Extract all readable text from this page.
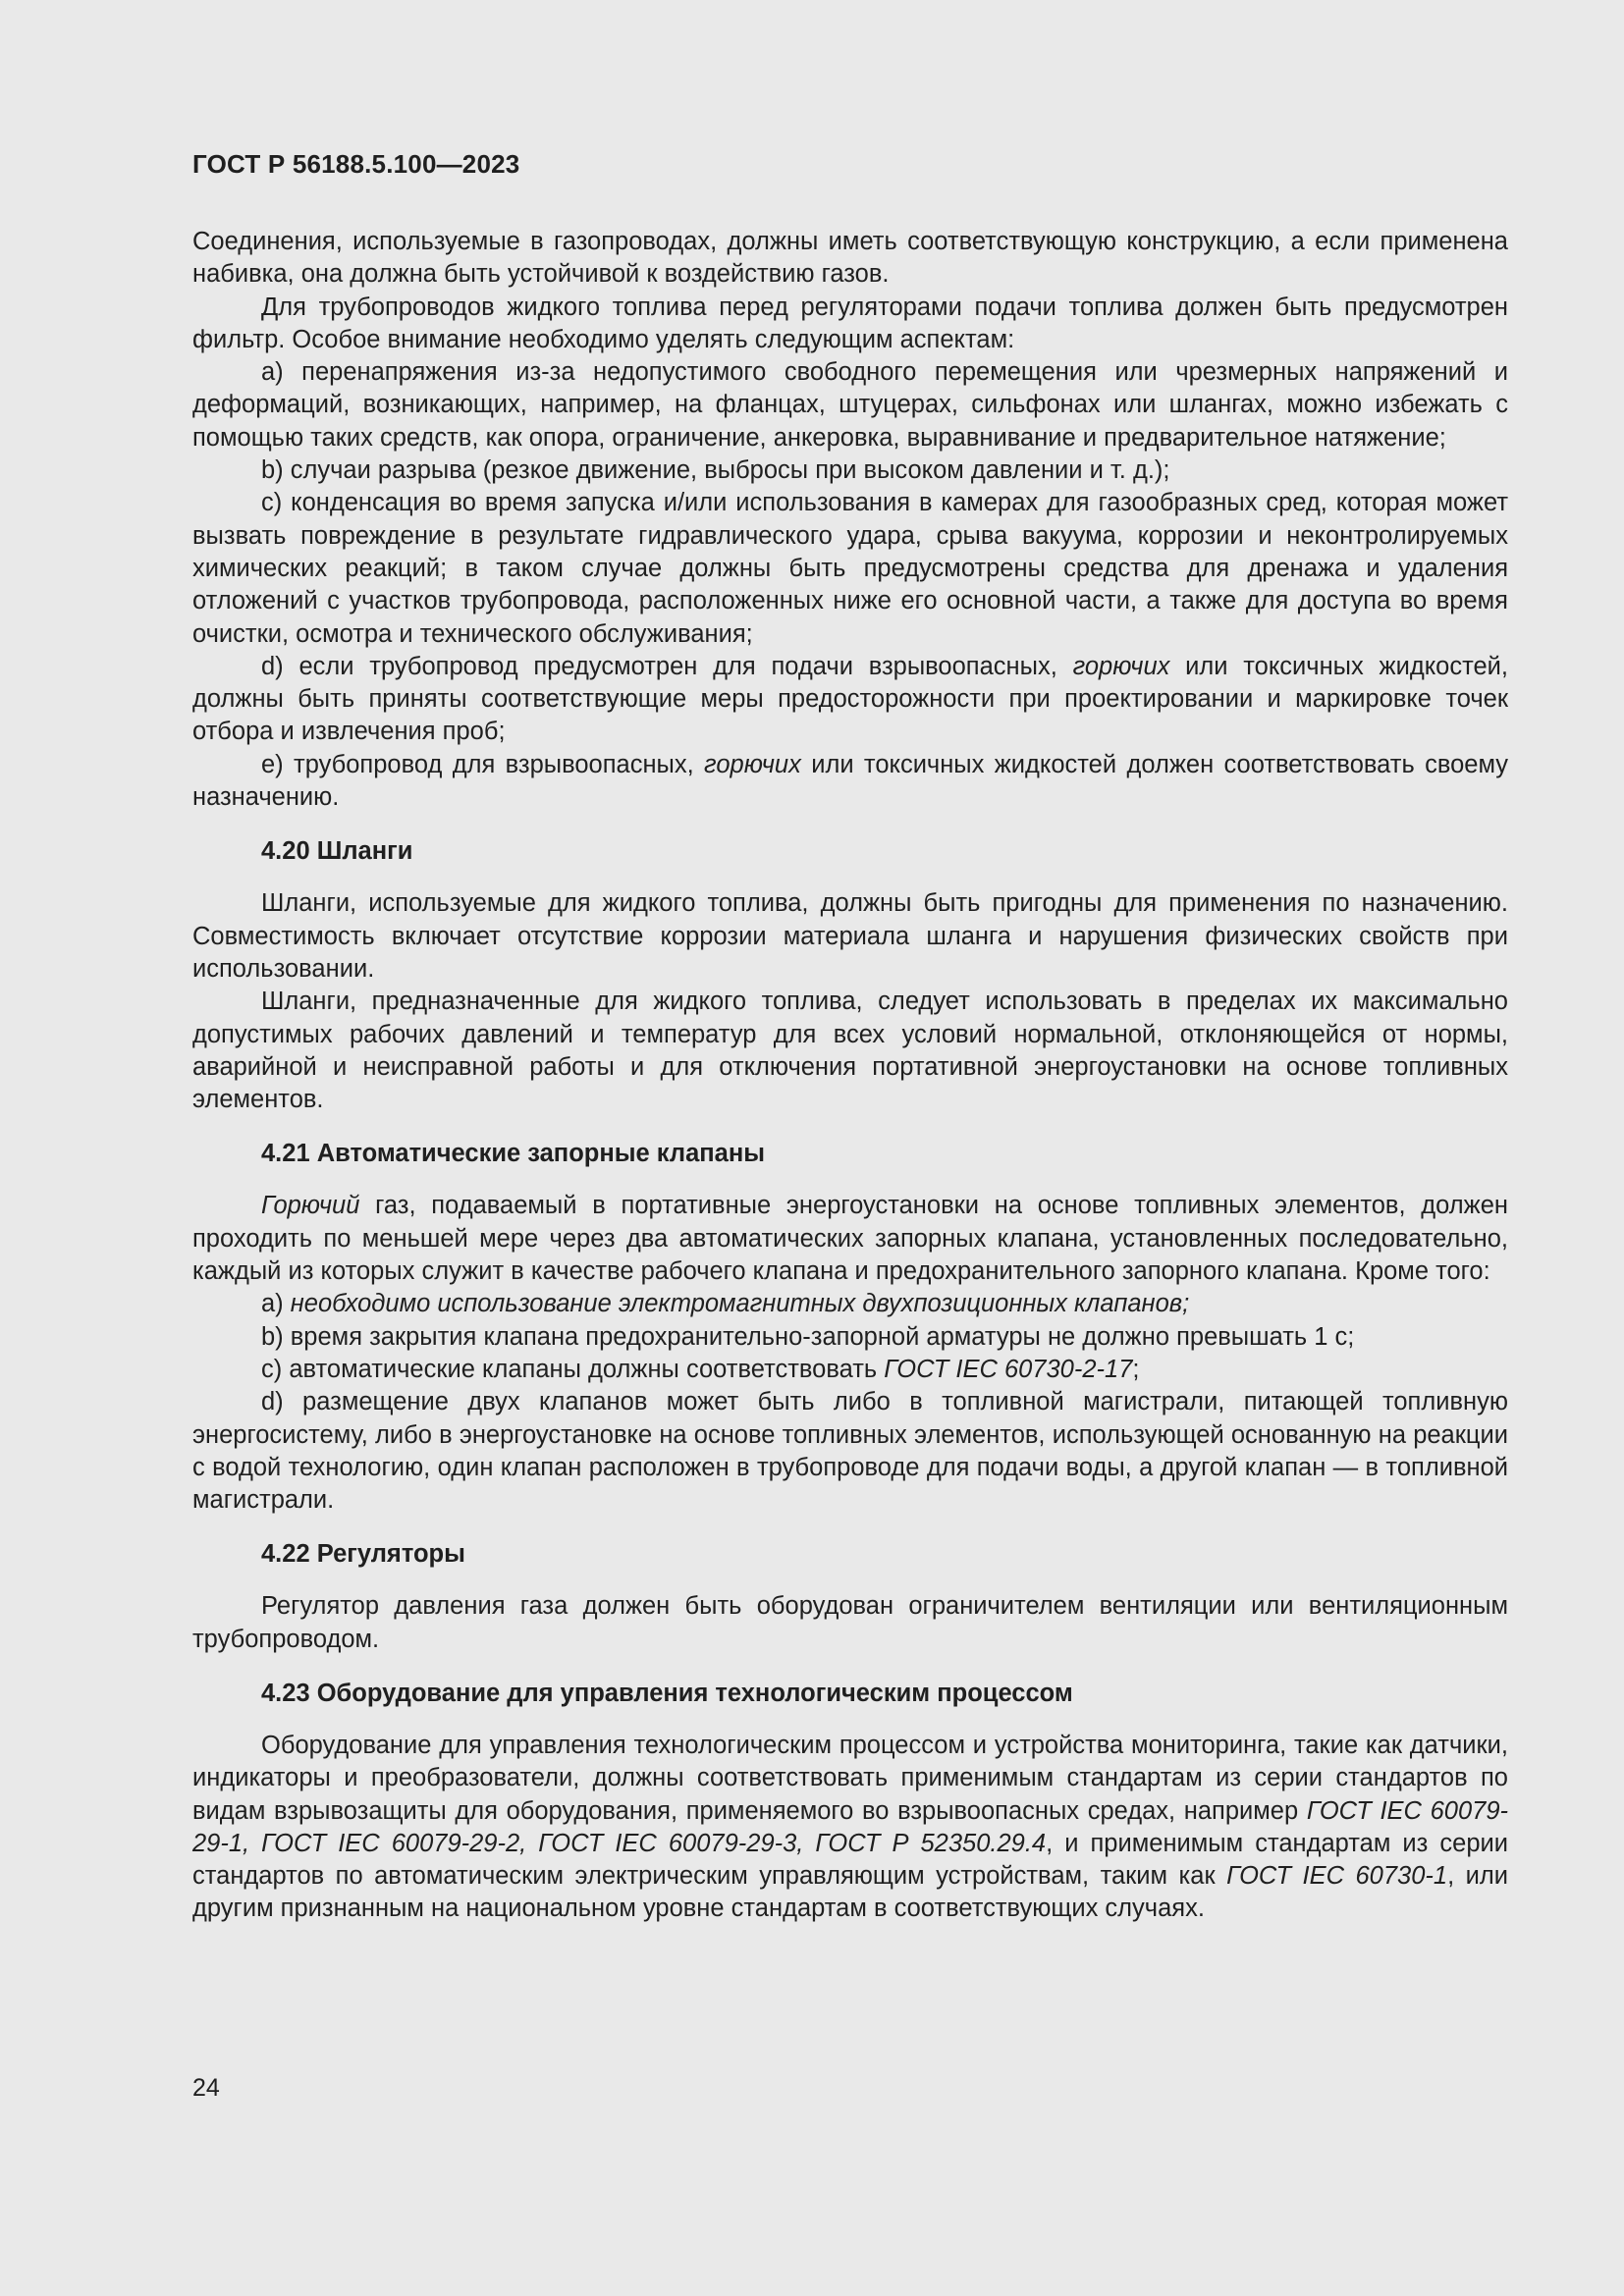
ГОСТ Р 56188.5.100—2023

Соединения, используемые в газопроводах, должны иметь соответствующую конструкцию, а если применена набивка, она должна быть устойчивой к воздействию газов.

Для трубопроводов жидкого топлива перед регуляторами подачи топлива должен быть предусмотрен фильтр. Особое внимание необходимо уделять следующим аспектам:

а) перенапряжения из-за недопустимого свободного перемещения или чрезмерных напряжений и деформаций, возникающих, например, на фланцах, штуцерах, сильфонах или шлангах, можно избежать с помощью таких средств, как опора, ограничение, анкеровка, выравнивание и предварительное натяжение;

b) случаи разрыва (резкое движение, выбросы при высоком давлении и т. д.);

c) конденсация во время запуска и/или использования в камерах для газообразных сред, которая может вызвать повреждение в результате гидравлического удара, срыва вакуума, коррозии и неконтролируемых химических реакций; в таком случае должны быть предусмотрены средства для дренажа и удаления отложений с участков трубопровода, расположенных ниже его основной части, а также для доступа во время очистки, осмотра и технического обслуживания;

d) если трубопровод предусмотрен для подачи взрывоопасных, горючих или токсичных жидкостей, должны быть приняты соответствующие меры предосторожности при проектировании и маркировке точек отбора и извлечения проб;

e) трубопровод для взрывоопасных, горючих или токсичных жидкостей должен соответствовать своему назначению.

4.20 Шланги

Шланги, используемые для жидкого топлива, должны быть пригодны для применения по назначению. Совместимость включает отсутствие коррозии материала шланга и нарушения физических свойств при использовании.

Шланги, предназначенные для жидкого топлива, следует использовать в пределах их максимально допустимых рабочих давлений и температур для всех условий нормальной, отклоняющейся от нормы, аварийной и неисправной работы и для отключения портативной энергоустановки на основе топливных элементов.

4.21 Автоматические запорные клапаны

Горючий газ, подаваемый в портативные энергоустановки на основе топливных элементов, должен проходить по меньшей мере через два автоматических запорных клапана, установленных последовательно, каждый из которых служит в качестве рабочего клапана и предохранительного запорного клапана. Кроме того:

а) необходимо использование электромагнитных двухпозиционных клапанов;

b) время закрытия клапана предохранительно-запорной арматуры не должно превышать 1 с;

c) автоматические клапаны должны соответствовать ГОСТ IEC 60730-2-17;

d) размещение двух клапанов может быть либо в топливной магистрали, питающей топливную энергосистему, либо в энергоустановке на основе топливных элементов, использующей основанную на реакции с водой технологию, один клапан расположен в трубопроводе для подачи воды, а другой клапан — в топливной магистрали.

4.22 Регуляторы

Регулятор давления газа должен быть оборудован ограничителем вентиляции или вентиляционным трубопроводом.

4.23 Оборудование для управления технологическим процессом

Оборудование для управления технологическим процессом и устройства мониторинга, такие как датчики, индикаторы и преобразователи, должны соответствовать применимым стандартам из серии стандартов по видам взрывозащиты для оборудования, применяемого во взрывоопасных средах, например ГОСТ IEC 60079-29-1, ГОСТ IEC 60079-29-2, ГОСТ IEC 60079-29-3, ГОСТ Р 52350.29.4, и применимым стандартам из серии стандартов по автоматическим электрическим управляющим устройствам, таким как ГОСТ IEC 60730-1, или другим признанным на национальном уровне стандартам в соответствующих случаях.

24
